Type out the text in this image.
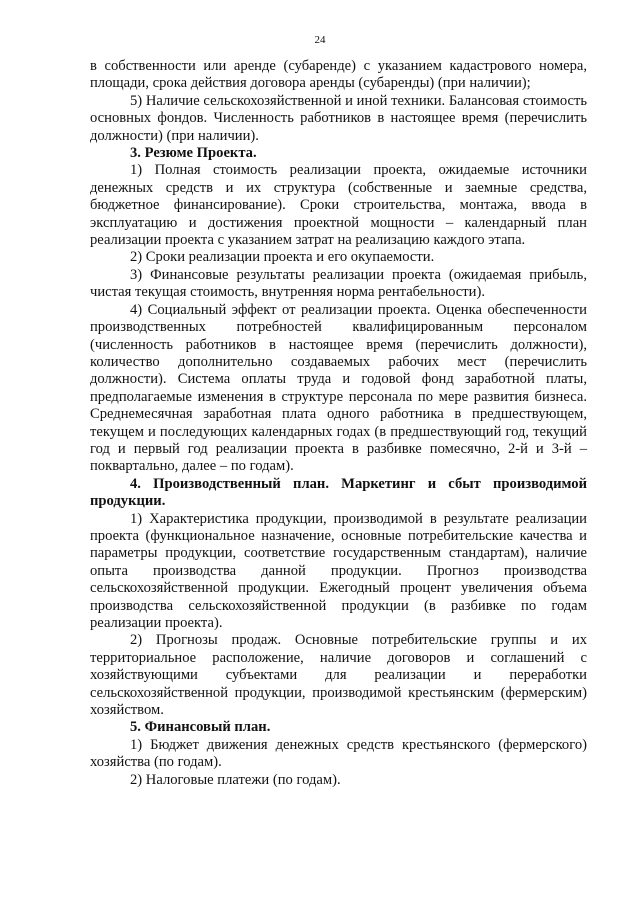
24

в собственности или аренде (субаренде) с указанием кадастрового номера, площади, срока действия договора аренды (субаренды) (при наличии);

5) Наличие сельскохозяйственной и иной техники. Балансовая стоимость основных фондов. Численность работников в настоящее время (перечислить должности) (при наличии).

3. Резюме Проекта.

1) Полная стоимость реализации проекта, ожидаемые источники денежных средств и их структура (собственные и заемные средства, бюджетное финансирование). Сроки строительства, монтажа, ввода в эксплуатацию и достижения проектной мощности – календарный план реализации проекта с указанием затрат на реализацию каждого этапа.

2) Сроки реализации проекта и его окупаемости.

3) Финансовые результаты реализации проекта (ожидаемая прибыль, чистая текущая стоимость, внутренняя норма рентабельности).

4) Социальный эффект от реализации проекта. Оценка обеспеченности производственных потребностей квалифицированным персоналом (численность работников в настоящее время (перечислить должности), количество дополнительно создаваемых рабочих мест (перечислить должности). Система оплаты труда и годовой фонд заработной платы, предполагаемые изменения в структуре персонала по мере развития бизнеса. Среднемесячная заработная плата одного работника в предшествующем, текущем и последующих календарных годах (в предшествующий год, текущий год и первый год реализации проекта в разбивке помесячно, 2-й и 3-й – поквартально, далее – по годам).

4. Производственный план. Маркетинг и сбыт производимой продукции.

1) Характеристика продукции, производимой в результате реализации проекта (функциональное назначение, основные потребительские качества и параметры продукции, соответствие государственным стандартам), наличие опыта производства данной продукции. Прогноз производства сельскохозяйственной продукции. Ежегодный процент увеличения объема производства сельскохозяйственной продукции (в разбивке по годам реализации проекта).

2) Прогнозы продаж. Основные потребительские группы и их территориальное расположение, наличие договоров и соглашений с хозяйствующими субъектами для реализации и переработки сельскохозяйственной продукции, производимой крестьянским (фермерским) хозяйством.

5. Финансовый план.

1) Бюджет движения денежных средств крестьянского (фермерского) хозяйства (по годам).

2) Налоговые платежи (по годам).
